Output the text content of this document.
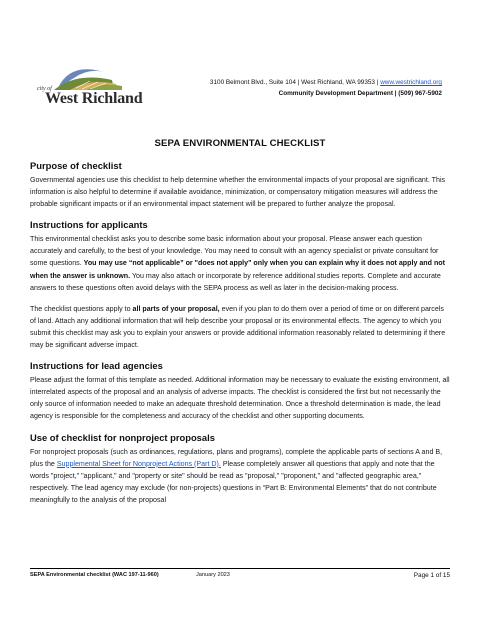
city of
West Richland
3100 Belmont Blvd., Suite 104 | West Richland, WA 99353 | www.westrichland.org
Community Development Department | (509) 967-5902
SEPA ENVIRONMENTAL CHECKLIST
Purpose of checklist

Governmental agencies use this checklist to help determine whether the environmental impacts of your proposal are significant. This information is also helpful to determine if available avoidance, minimization, or compensatory mitigation measures will address the probable significant impacts or if an environmental impact statement will be prepared to further analyze the proposal.

Instructions for applicants

This environmental checklist asks you to describe some basic information about your proposal. Please answer each question accurately and carefully, to the best of your knowledge. You may need to consult with an agency specialist or private consultant for some questions. You may use “not applicable” or "does not apply" only when you can explain why it does not apply and not when the answer is unknown. You may also attach or incorporate by reference additional studies reports. Complete and accurate answers to these questions often avoid delays with the SEPA process as well as later in the decision-making process.

The checklist questions apply to all parts of your proposal, even if you plan to do them over a period of time or on different parcels of land. Attach any additional information that will help describe your proposal or its environmental effects. The agency to which you submit this checklist may ask you to explain your answers or provide additional information reasonably related to determining if there may be significant adverse impact.

Instructions for lead agencies

Please adjust the format of this template as needed. Additional information may be necessary to evaluate the existing environment, all interrelated aspects of the proposal and an analysis of adverse impacts. The checklist is considered the first but not necessarily the only source of information needed to make an adequate threshold determination. Once a threshold determination is made, the lead agency is responsible for the completeness and accuracy of the checklist and other supporting documents.

Use of checklist for nonproject proposals

For nonproject proposals (such as ordinances, regulations, plans and programs), complete the applicable parts of sections A and B, plus the Supplemental Sheet for Nonproject Actions (Part D). Please completely answer all questions that apply and note that the words "project," "applicant," and "property or site" should be read as "proposal," "proponent," and "affected geographic area," respectively. The lead agency may exclude (for non-projects) questions in “Part B: Environmental Elements” that do not contribute meaningfully to the analysis of the proposal

SEPA Environmental checklist (WAC 197-11-960)	January 2023	Page 1 of 15
